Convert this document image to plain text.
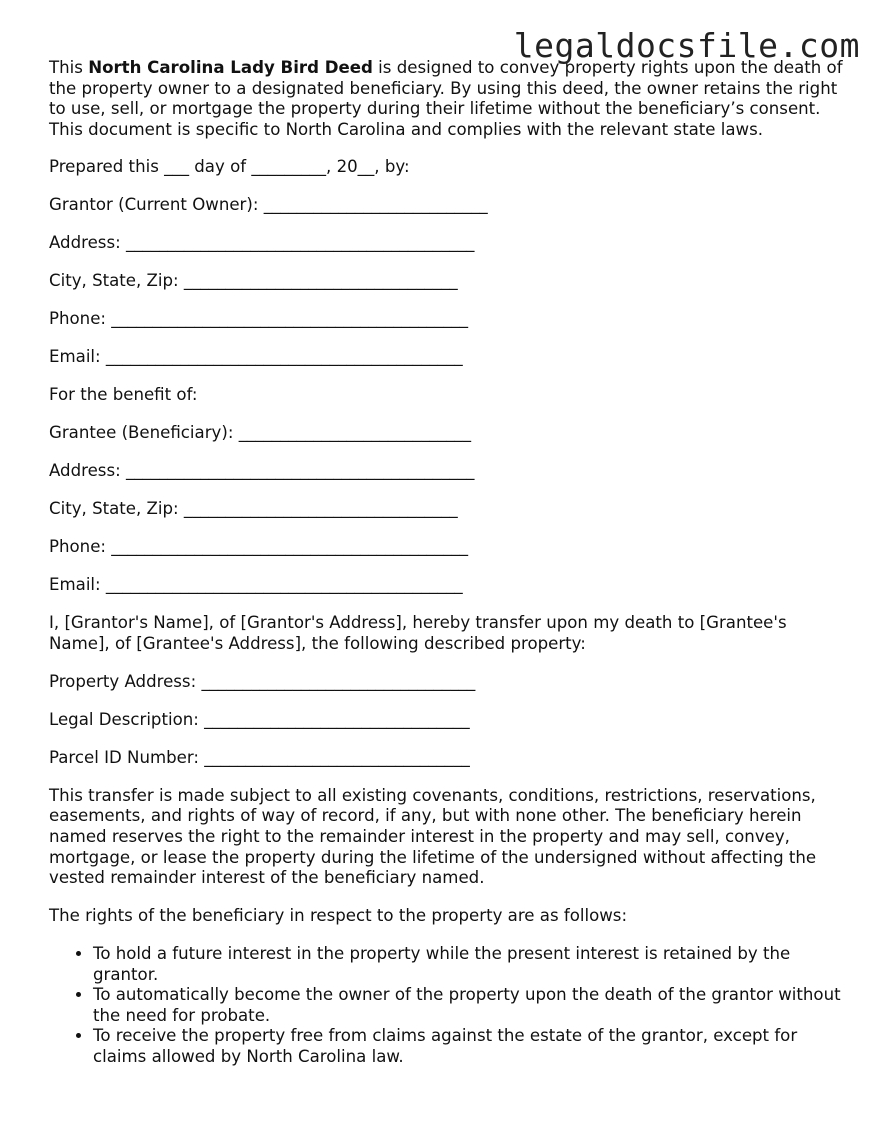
legaldocsfile.com

This North Carolina Lady Bird Deed is designed to convey property rights upon the death of the property owner to a designated beneficiary. By using this deed, the owner retains the right to use, sell, or mortgage the property during their lifetime without the beneficiary’s consent. This document is specific to North Carolina and complies with the relevant state laws.

Prepared this ___ day of _________, 20__, by:

Grantor (Current Owner): ___________________________

Address: __________________________________________

City, State, Zip: _________________________________

Phone: ___________________________________________

Email: ___________________________________________

For the benefit of:

Grantee (Beneficiary): ____________________________

Address: __________________________________________

City, State, Zip: _________________________________

Phone: ___________________________________________

Email: ___________________________________________

I, [Grantor's Name], of [Grantor's Address], hereby transfer upon my death to [Grantee's Name], of [Grantee's Address], the following described property:

Property Address: _________________________________

Legal Description: ________________________________

Parcel ID Number: ________________________________

This transfer is made subject to all existing covenants, conditions, restrictions, reservations, easements, and rights of way of record, if any, but with none other. The beneficiary herein named reserves the right to the remainder interest in the property and may sell, convey, mortgage, or lease the property during the lifetime of the undersigned without affecting the vested remainder interest of the beneficiary named.

The rights of the beneficiary in respect to the property are as follows:

• To hold a future interest in the property while the present interest is retained by the grantor.
• To automatically become the owner of the property upon the death of the grantor without the need for probate.
• To receive the property free from claims against the estate of the grantor, except for claims allowed by North Carolina law.
